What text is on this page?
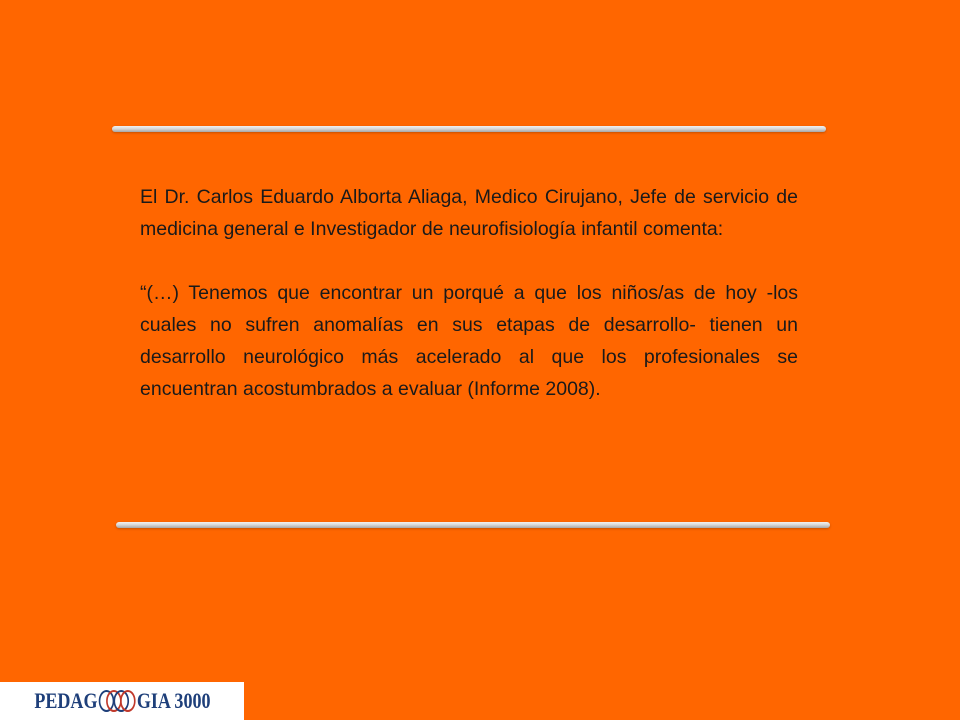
El Dr. Carlos Eduardo Alborta Aliaga, Medico Cirujano, Jefe de servicio de medicina general e Investigador de neurofisiología infantil comenta:

“(…) Tenemos que encontrar un porqué a que los niños/as de hoy -los cuales no sufren anomalías en sus etapas de desarrollo- tienen un desarrollo neurológico más acelerado al que los profesionales se encuentran acostumbrados a evaluar (Informe 2008).

PEDAG GIA 3000
